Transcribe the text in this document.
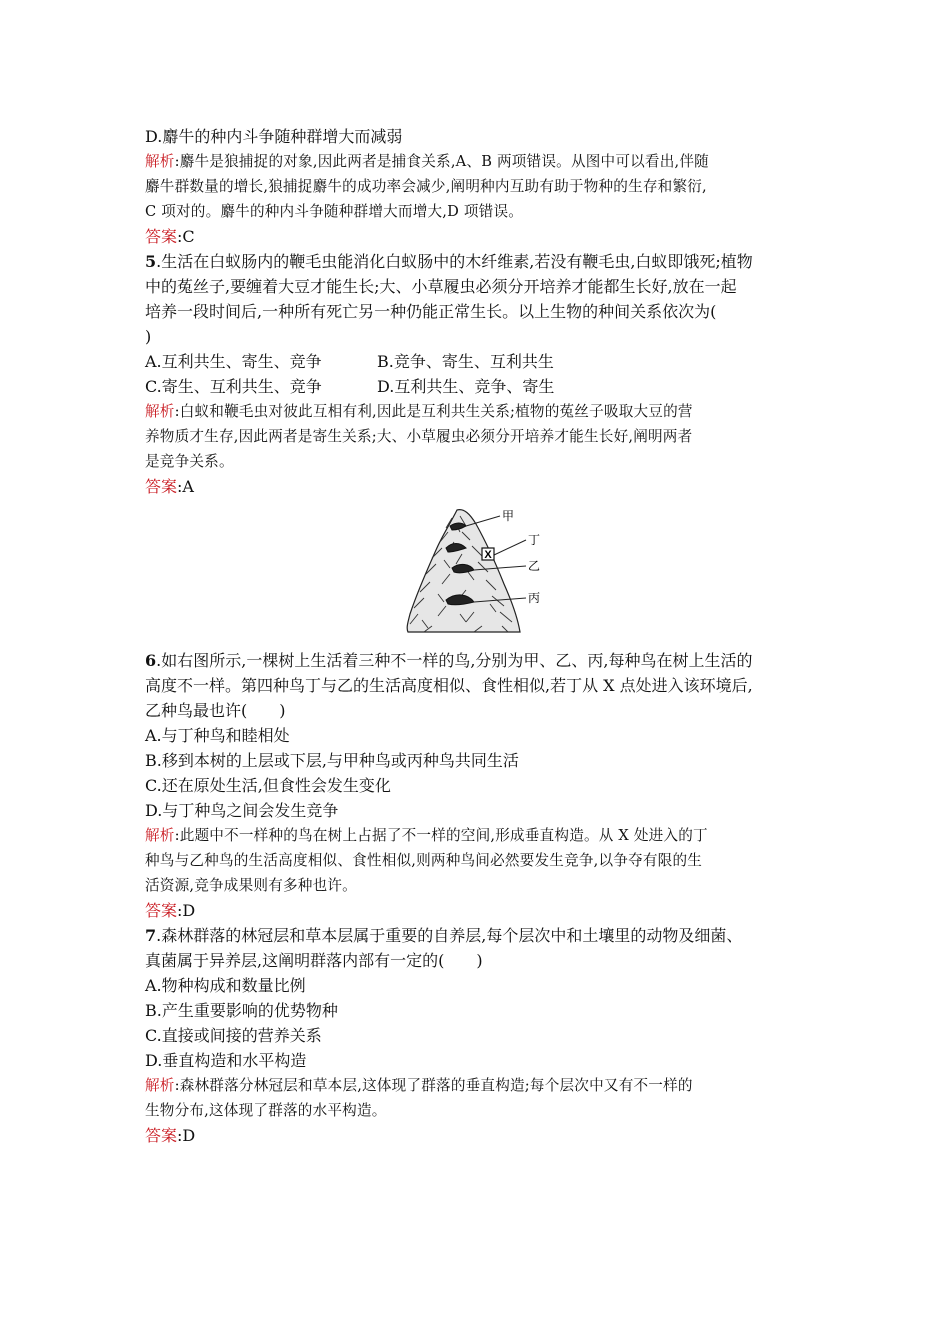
D.麝牛的种内斗争随种群增大而减弱
解析:麝牛是狼捕捉的对象,因此两者是捕食关系,A、B 两项错误。从图中可以看出,伴随
麝牛群数量的增长,狼捕捉麝牛的成功率会减少,阐明种内互助有助于物种的生存和繁衍,
C 项对的。麝牛的种内斗争随种群增大而增大,D 项错误。
答案:C
5.生活在白蚁肠内的鞭毛虫能消化白蚁肠中的木纤维素,若没有鞭毛虫,白蚁即饿死;植物
中的菟丝子,要缠着大豆才能生长;大、小草履虫必须分开培养才能都生长好,放在一起
培养一段时间后,一种所有死亡另一种仍能正常生长。以上生物的种间关系依次为(
)
A.互利共生、寄生、竞争	B.竞争、寄生、互利共生
C.寄生、互利共生、竞争	D.互利共生、竞争、寄生
解析:白蚁和鞭毛虫对彼此互相有利,因此是互利共生关系;植物的菟丝子吸取大豆的营
养物质才生存,因此两者是寄生关系;大、小草履虫必须分开培养才能生长好,阐明两者
是竞争关系。
答案:A
X
甲
丁
乙
丙
6.如右图所示,一棵树上生活着三种不一样的鸟,分别为甲、乙、丙,每种鸟在树上生活的
高度不一样。第四种鸟丁与乙的生活高度相似、食性相似,若丁从 X 点处进入该环境后,
乙种鸟最也许(　　)
A.与丁种鸟和睦相处
B.移到本树的上层或下层,与甲种鸟或丙种鸟共同生活
C.还在原处生活,但食性会发生变化
D.与丁种鸟之间会发生竞争
解析:此题中不一样种的鸟在树上占据了不一样的空间,形成垂直构造。从 X 处进入的丁
种鸟与乙种鸟的生活高度相似、食性相似,则两种鸟间必然要发生竞争,以争夺有限的生
活资源,竞争成果则有多种也许。
答案:D
7.森林群落的林冠层和草本层属于重要的自养层,每个层次中和土壤里的动物及细菌、
真菌属于异养层,这阐明群落内部有一定的(　　)
A.物种构成和数量比例
B.产生重要影响的优势物种
C.直接或间接的营养关系
D.垂直构造和水平构造
解析:森林群落分林冠层和草本层,这体现了群落的垂直构造;每个层次中又有不一样的
生物分布,这体现了群落的水平构造。
答案:D
